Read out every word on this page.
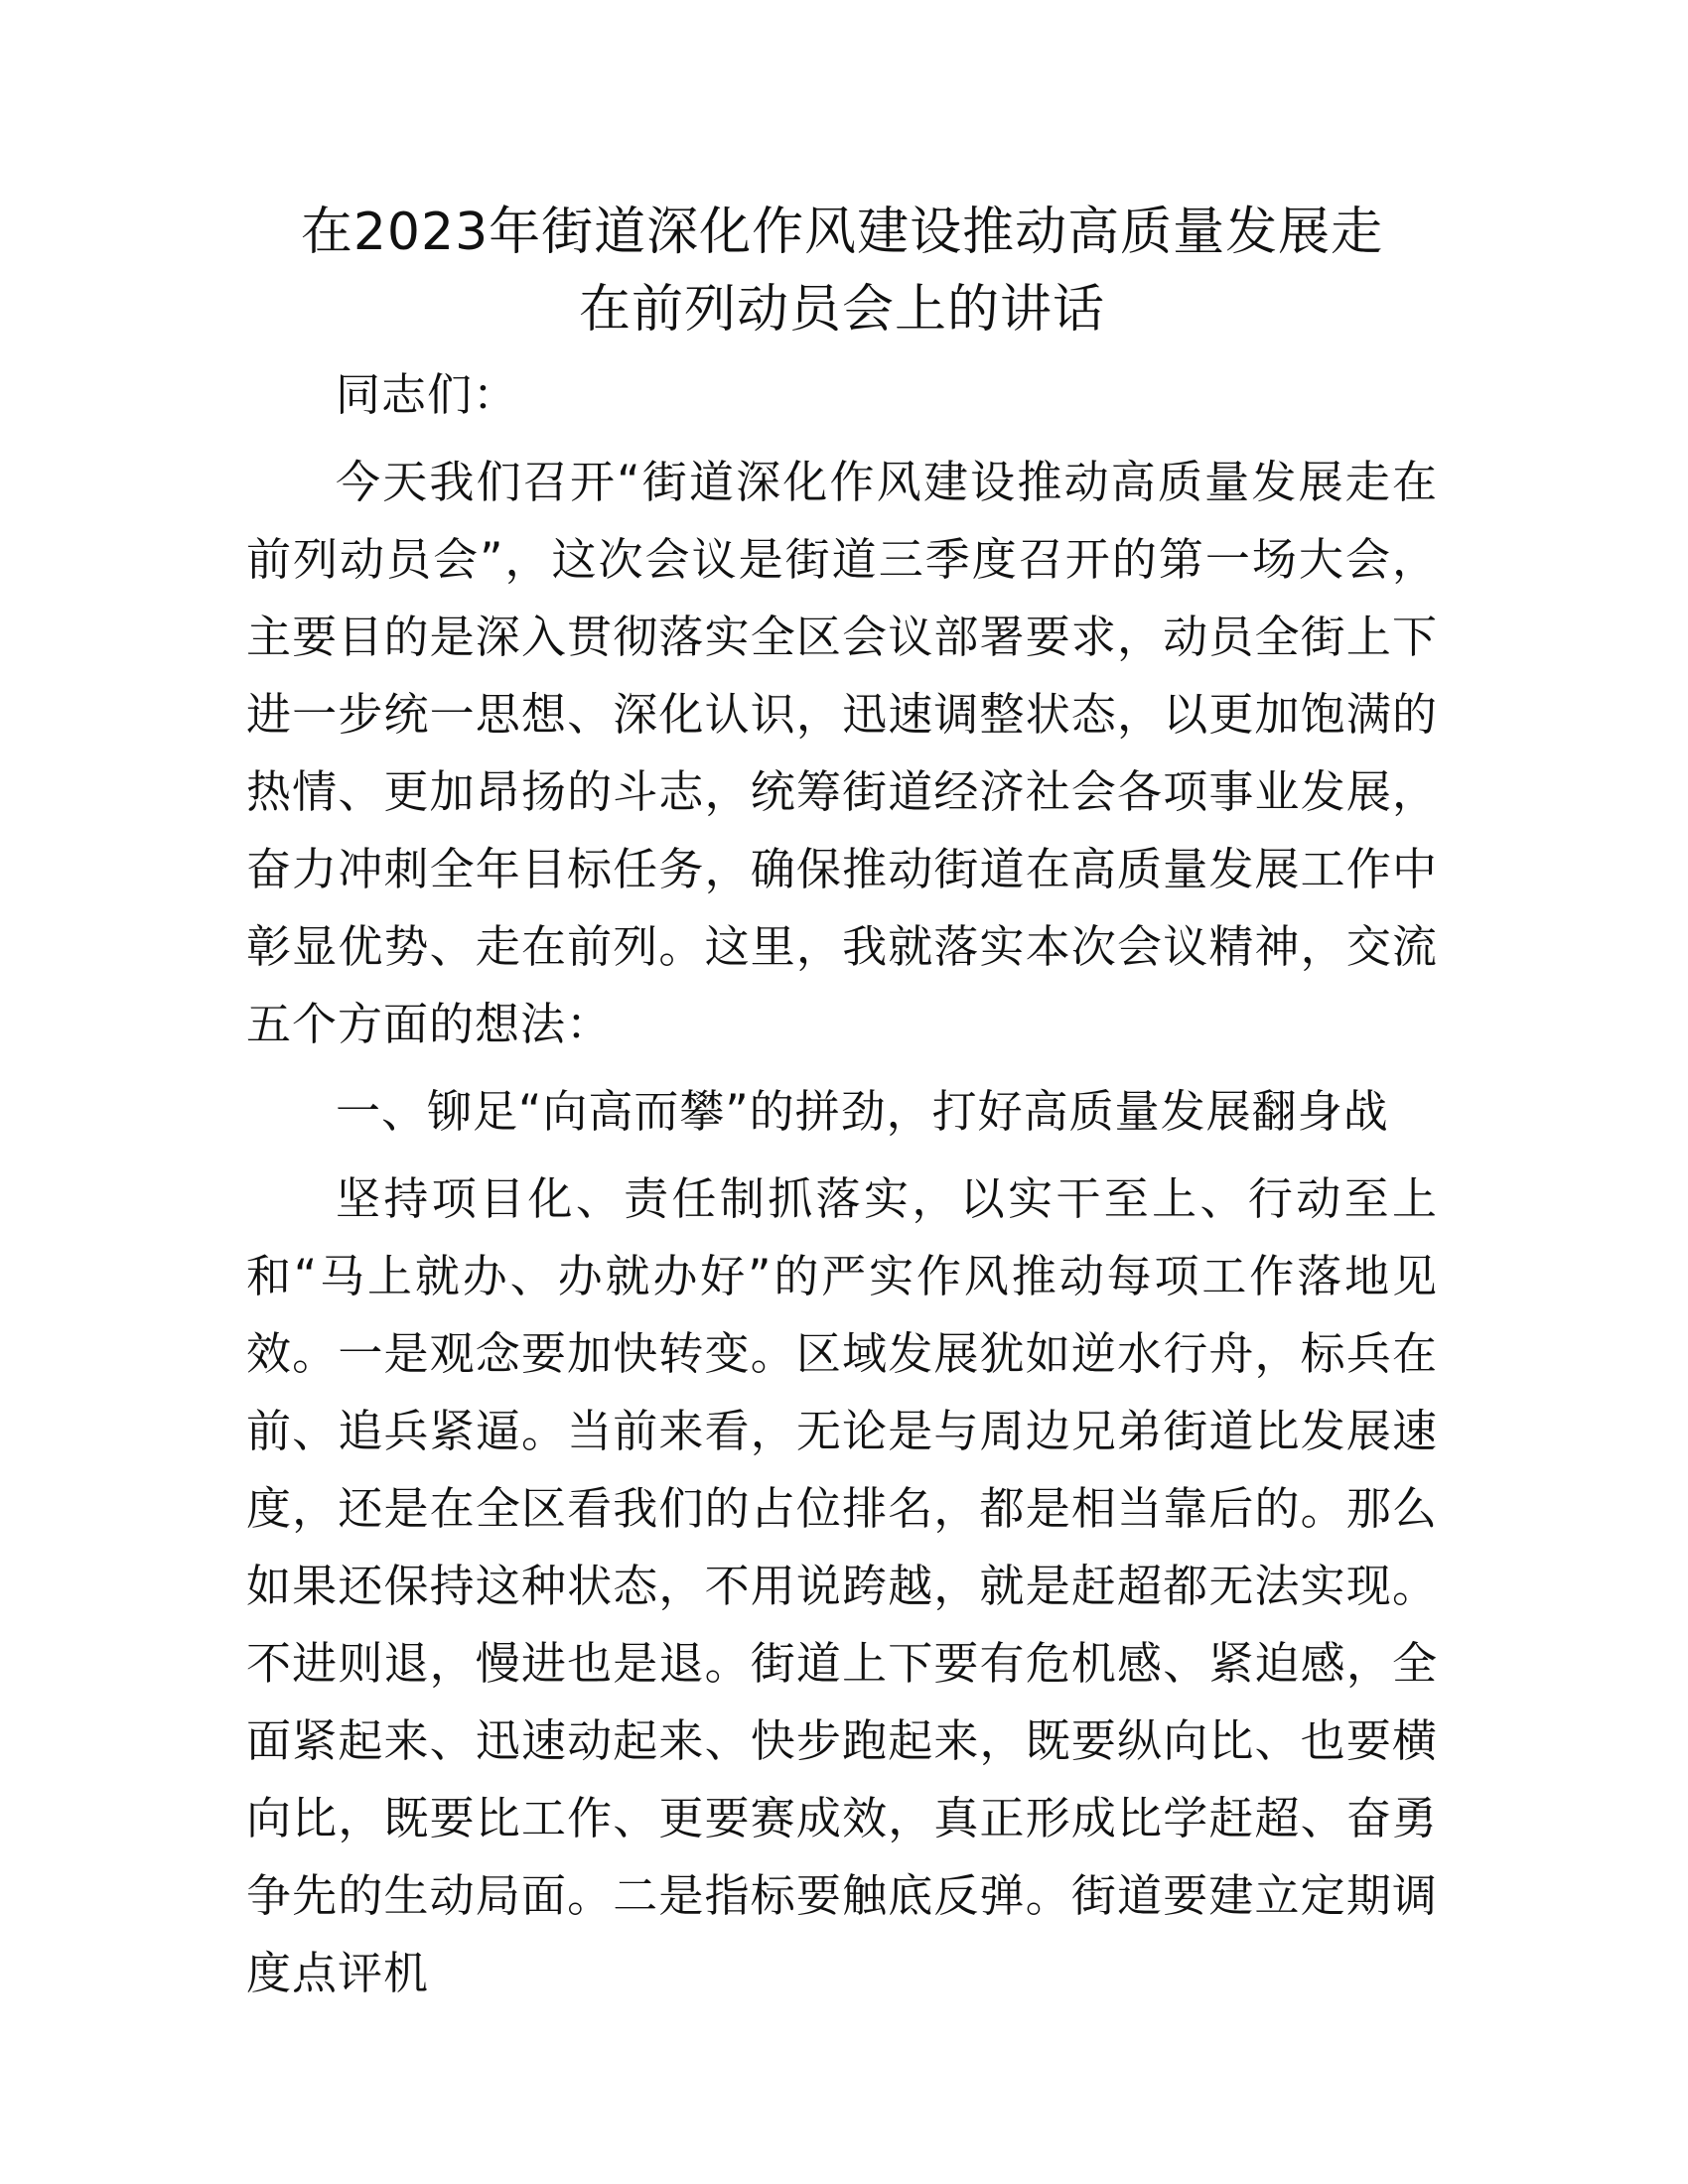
在2023年街道深化作风建设推动高质量发展走
在前列动员会上的讲话

同志们：

今天我们召开“街道深化作风建设推动高质量发展走在前列动员会”，这次会议是街道三季度召开的第一场大会，主要目的是深入贯彻落实全区会议部署要求，动员全街上下进一步统一思想、深化认识，迅速调整状态，以更加饱满的热情、更加昂扬的斗志，统筹街道经济社会各项事业发展，奋力冲刺全年目标任务，确保推动街道在高质量发展工作中彰显优势、走在前列。这里，我就落实本次会议精神，交流五个方面的想法：

一、铆足“向高而攀”的拼劲，打好高质量发展翻身战

坚持项目化、责任制抓落实，以实干至上、行动至上和“马上就办、办就办好”的严实作风推动每项工作落地见效。一是观念要加快转变。区域发展犹如逆水行舟，标兵在前、追兵紧逼。当前来看，无论是与周边兄弟街道比发展速度，还是在全区看我们的占位排名，都是相当靠后的。那么如果还保持这种状态，不用说跨越，就是赶超都无法实现。不进则退，慢进也是退。街道上下要有危机感、紧迫感，全面紧起来、迅速动起来、快步跑起来，既要纵向比、也要横向比，既要比工作、更要赛成效，真正形成比学赶超、奋勇争先的生动局面。二是指标要触底反弹。街道要建立定期调度点评机
